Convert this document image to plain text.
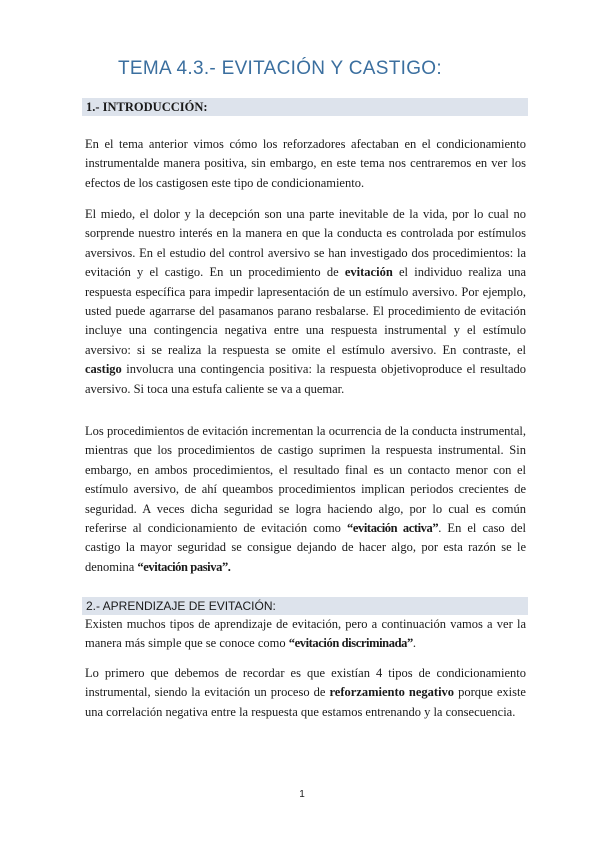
TEMA 4.3.- EVITACIÓN Y CASTIGO:
1.- INTRODUCCIÓN:

En el tema anterior vimos cómo los reforzadores afectaban en el condicionamiento instrumentalde manera positiva, sin embargo, en este tema nos centraremos en ver los efectos de los castigosen este tipo de condicionamiento.

El miedo, el dolor y la decepción son una parte inevitable de la vida, por lo cual no sorprende nuestro interés en la manera en que la conducta es controlada por estímulos aversivos. En el estudio del control aversivo se han investigado dos procedimientos: la evitación y el castigo. En un procedimiento de evitación el individuo realiza una respuesta específica para impedir lapresentación de un estímulo aversivo. Por ejemplo, usted puede agarrarse del pasamanos parano resbalarse. El procedimiento de evitación incluye una contingencia negativa entre una respuesta instrumental y el estímulo aversivo: si se realiza la respuesta se omite el estímulo aversivo. En contraste, el castigo involucra una contingencia positiva: la respuesta objetivoproduce el resultado aversivo. Si toca una estufa caliente se va a quemar.

Los procedimientos de evitación incrementan la ocurrencia de la conducta instrumental, mientras que los procedimientos de castigo suprimen la respuesta instrumental. Sin embargo, en ambos procedimientos, el resultado final es un contacto menor con el estímulo aversivo, de ahí queambos procedimientos implican periodos crecientes de seguridad. A veces dicha seguridad se logra haciendo algo, por lo cual es común referirse al condicionamiento de evitación como “evitación activa”. En el caso del castigo la mayor seguridad se consigue dejando de hacer algo, por esta razón se le denomina “evitación pasiva”.

2.- APRENDIZAJE DE EVITACIÓN:

Existen muchos tipos de aprendizaje de evitación, pero a continuación vamos a ver la manera más simple que se conoce como “evitación discriminada”.

Lo primero que debemos de recordar es que existían 4 tipos de condicionamiento instrumental, siendo la evitación un proceso de reforzamiento negativo porque existe una correlación negativa entre la respuesta que estamos entrenando y la consecuencia.

1
